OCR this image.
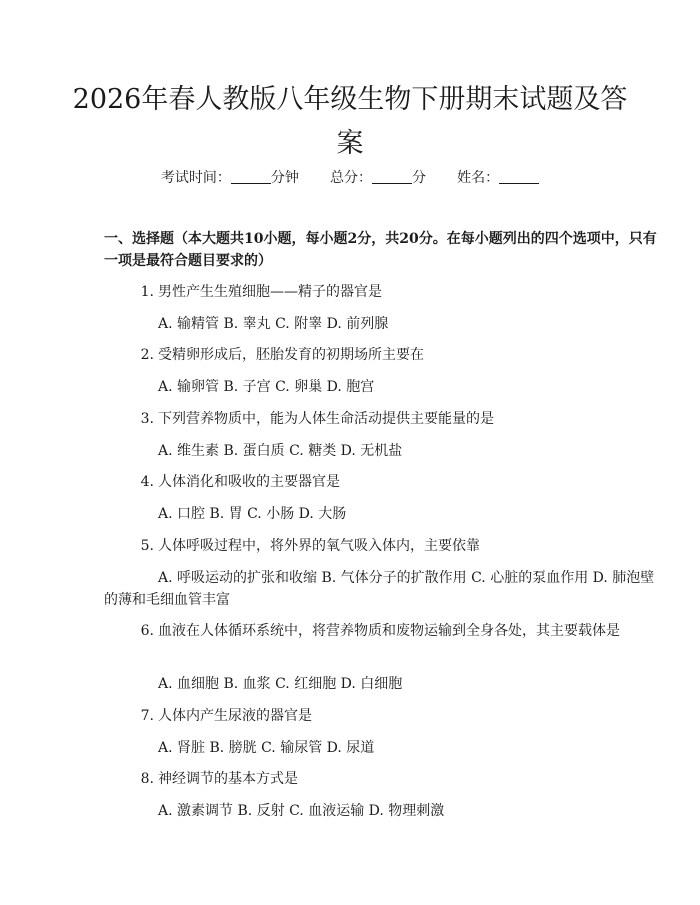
2026年春人教版八年级生物下册期末试题及答案
考试时间：	分钟 总分：	分 姓名：

一、选择题（本大题共10小题，每小题2分，共20分。在每小题列出的四个选项中，只有一项是最符合题目要求的）

1. 男性产生生殖细胞——精子的器官是
A. 输精管 B. 睾丸 C. 附睾 D. 前列腺
2. 受精卵形成后，胚胎发育的初期场所主要在
A. 输卵管 B. 子宫 C. 卵巢 D. 胞宫
3. 下列营养物质中，能为人体生命活动提供主要能量的是
A. 维生素 B. 蛋白质 C. 糖类 D. 无机盐
4. 人体消化和吸收的主要器官是
A. 口腔 B. 胃 C. 小肠 D. 大肠
5. 人体呼吸过程中，将外界的氧气吸入体内，主要依靠
A. 呼吸运动的扩张和收缩 B. 气体分子的扩散作用 C. 心脏的泵血作用 D. 肺泡壁的薄和毛细血管丰富
6. 血液在人体循环系统中，将营养物质和废物运输到全身各处，其主要载体是
A. 血细胞 B. 血浆 C. 红细胞 D. 白细胞
7. 人体内产生尿液的器官是
A. 肾脏 B. 膀胱 C. 输尿管 D. 尿道
8. 神经调节的基本方式是
A. 激素调节 B. 反射 C. 血液运输 D. 物理刺激
